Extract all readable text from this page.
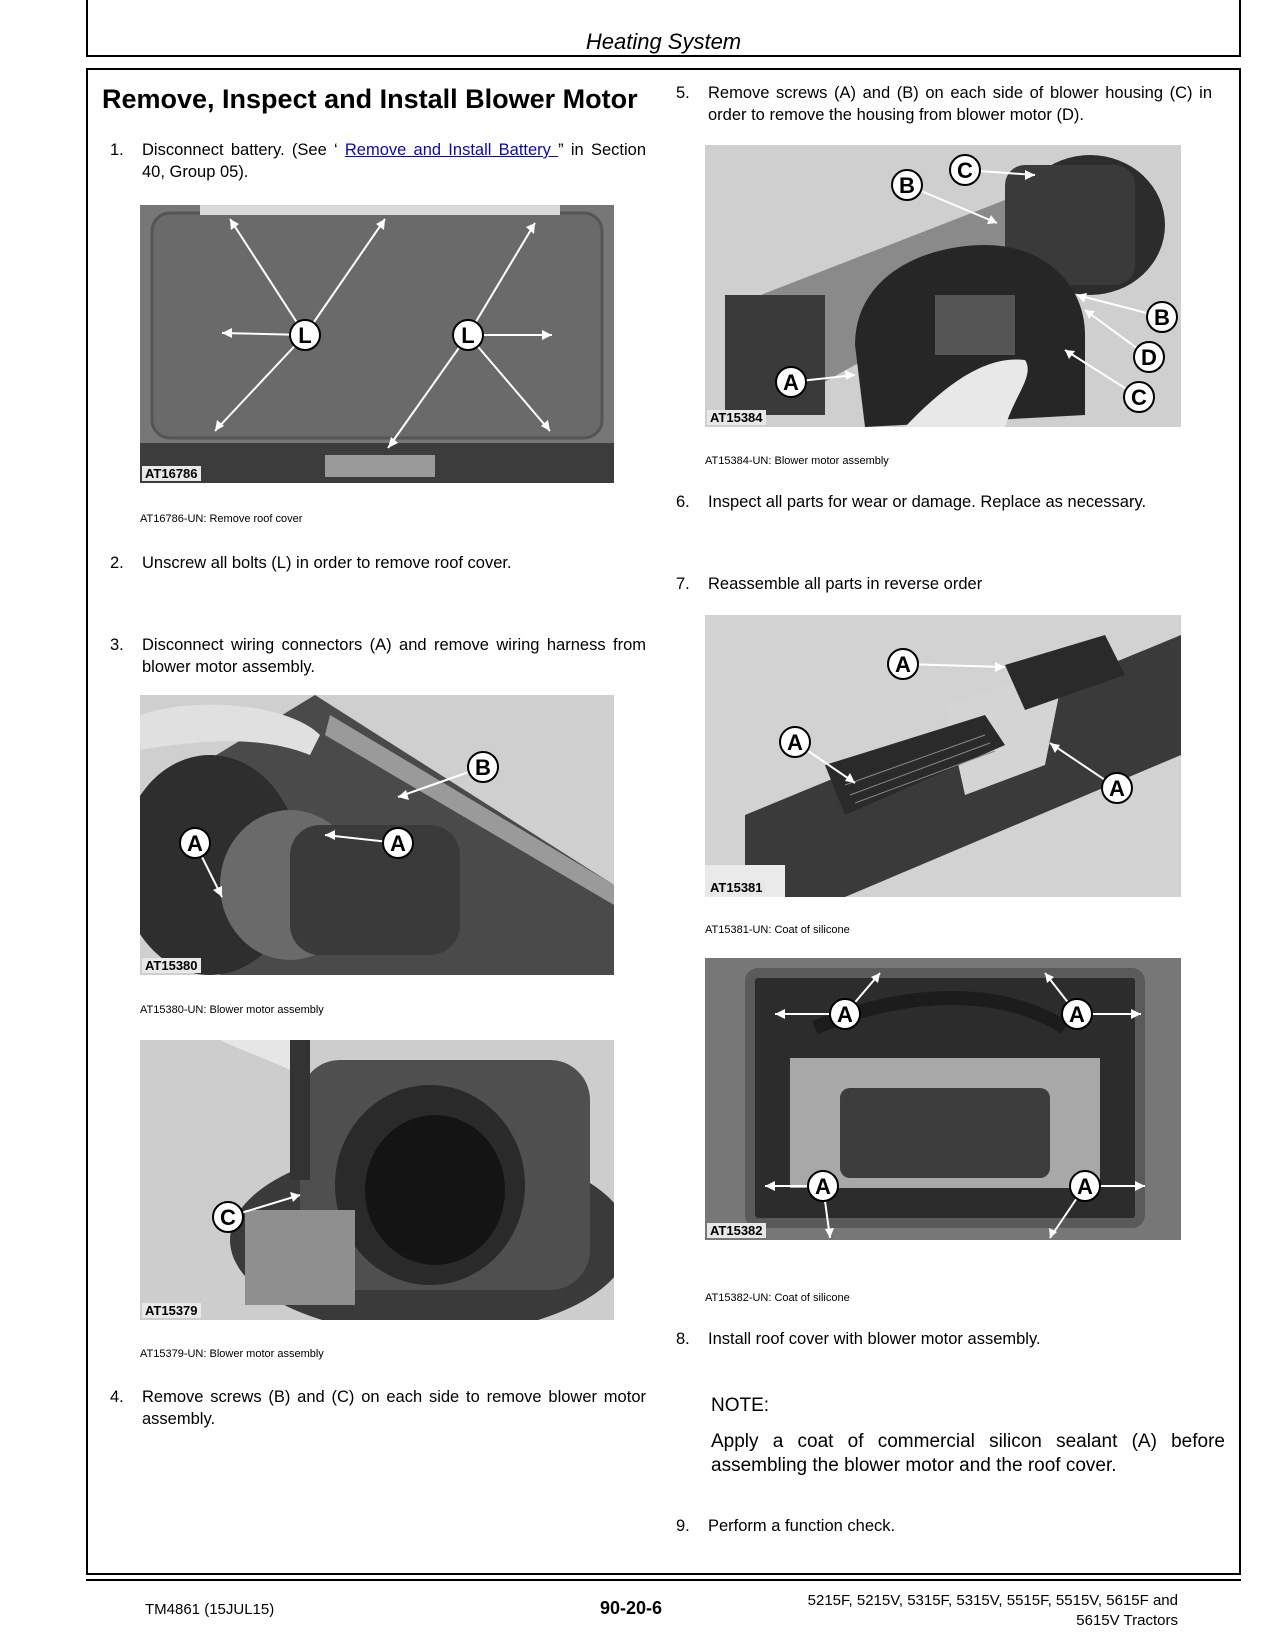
Heating System
Remove, Inspect and Install Blower Motor
1.	Disconnect battery. (See ‘ Remove and Install Battery ” in Section 40, Group 05).
L	L
AT16786
AT16786-UN: Remove roof cover
2.	Unscrew all bolts (L) in order to remove roof cover.
3.	Disconnect wiring connectors (A) and remove wiring harness from blower motor assembly.
B
A	A
AT15380
AT15380-UN: Blower motor assembly
C
AT15379
AT15379-UN: Blower motor assembly
4.	Remove screws (B) and (C) on each side to remove blower motor assembly.
5.	Remove screws (A) and (B) on each side of blower housing (C) in order to remove the housing from blower motor (D).
B
C
B
D
C
A
AT15384
AT15384-UN: Blower motor assembly
6.	Inspect all parts for wear or damage. Replace as necessary.
7.	Reassemble all parts in reverse order
A
A
A
AT15381
AT15381-UN: Coat of silicone
A	A
A	A
AT15382
AT15382-UN: Coat of silicone
8.	Install roof cover with blower motor assembly.
NOTE:
Apply a coat of commercial silicon sealant (A) before assembling the blower motor and the roof cover.
9.	Perform a function check.
TM4861 (15JUL15)	90-20-6	5215F, 5215V, 5315F, 5315V, 5515F, 5515V, 5615F and
5615V Tractors
